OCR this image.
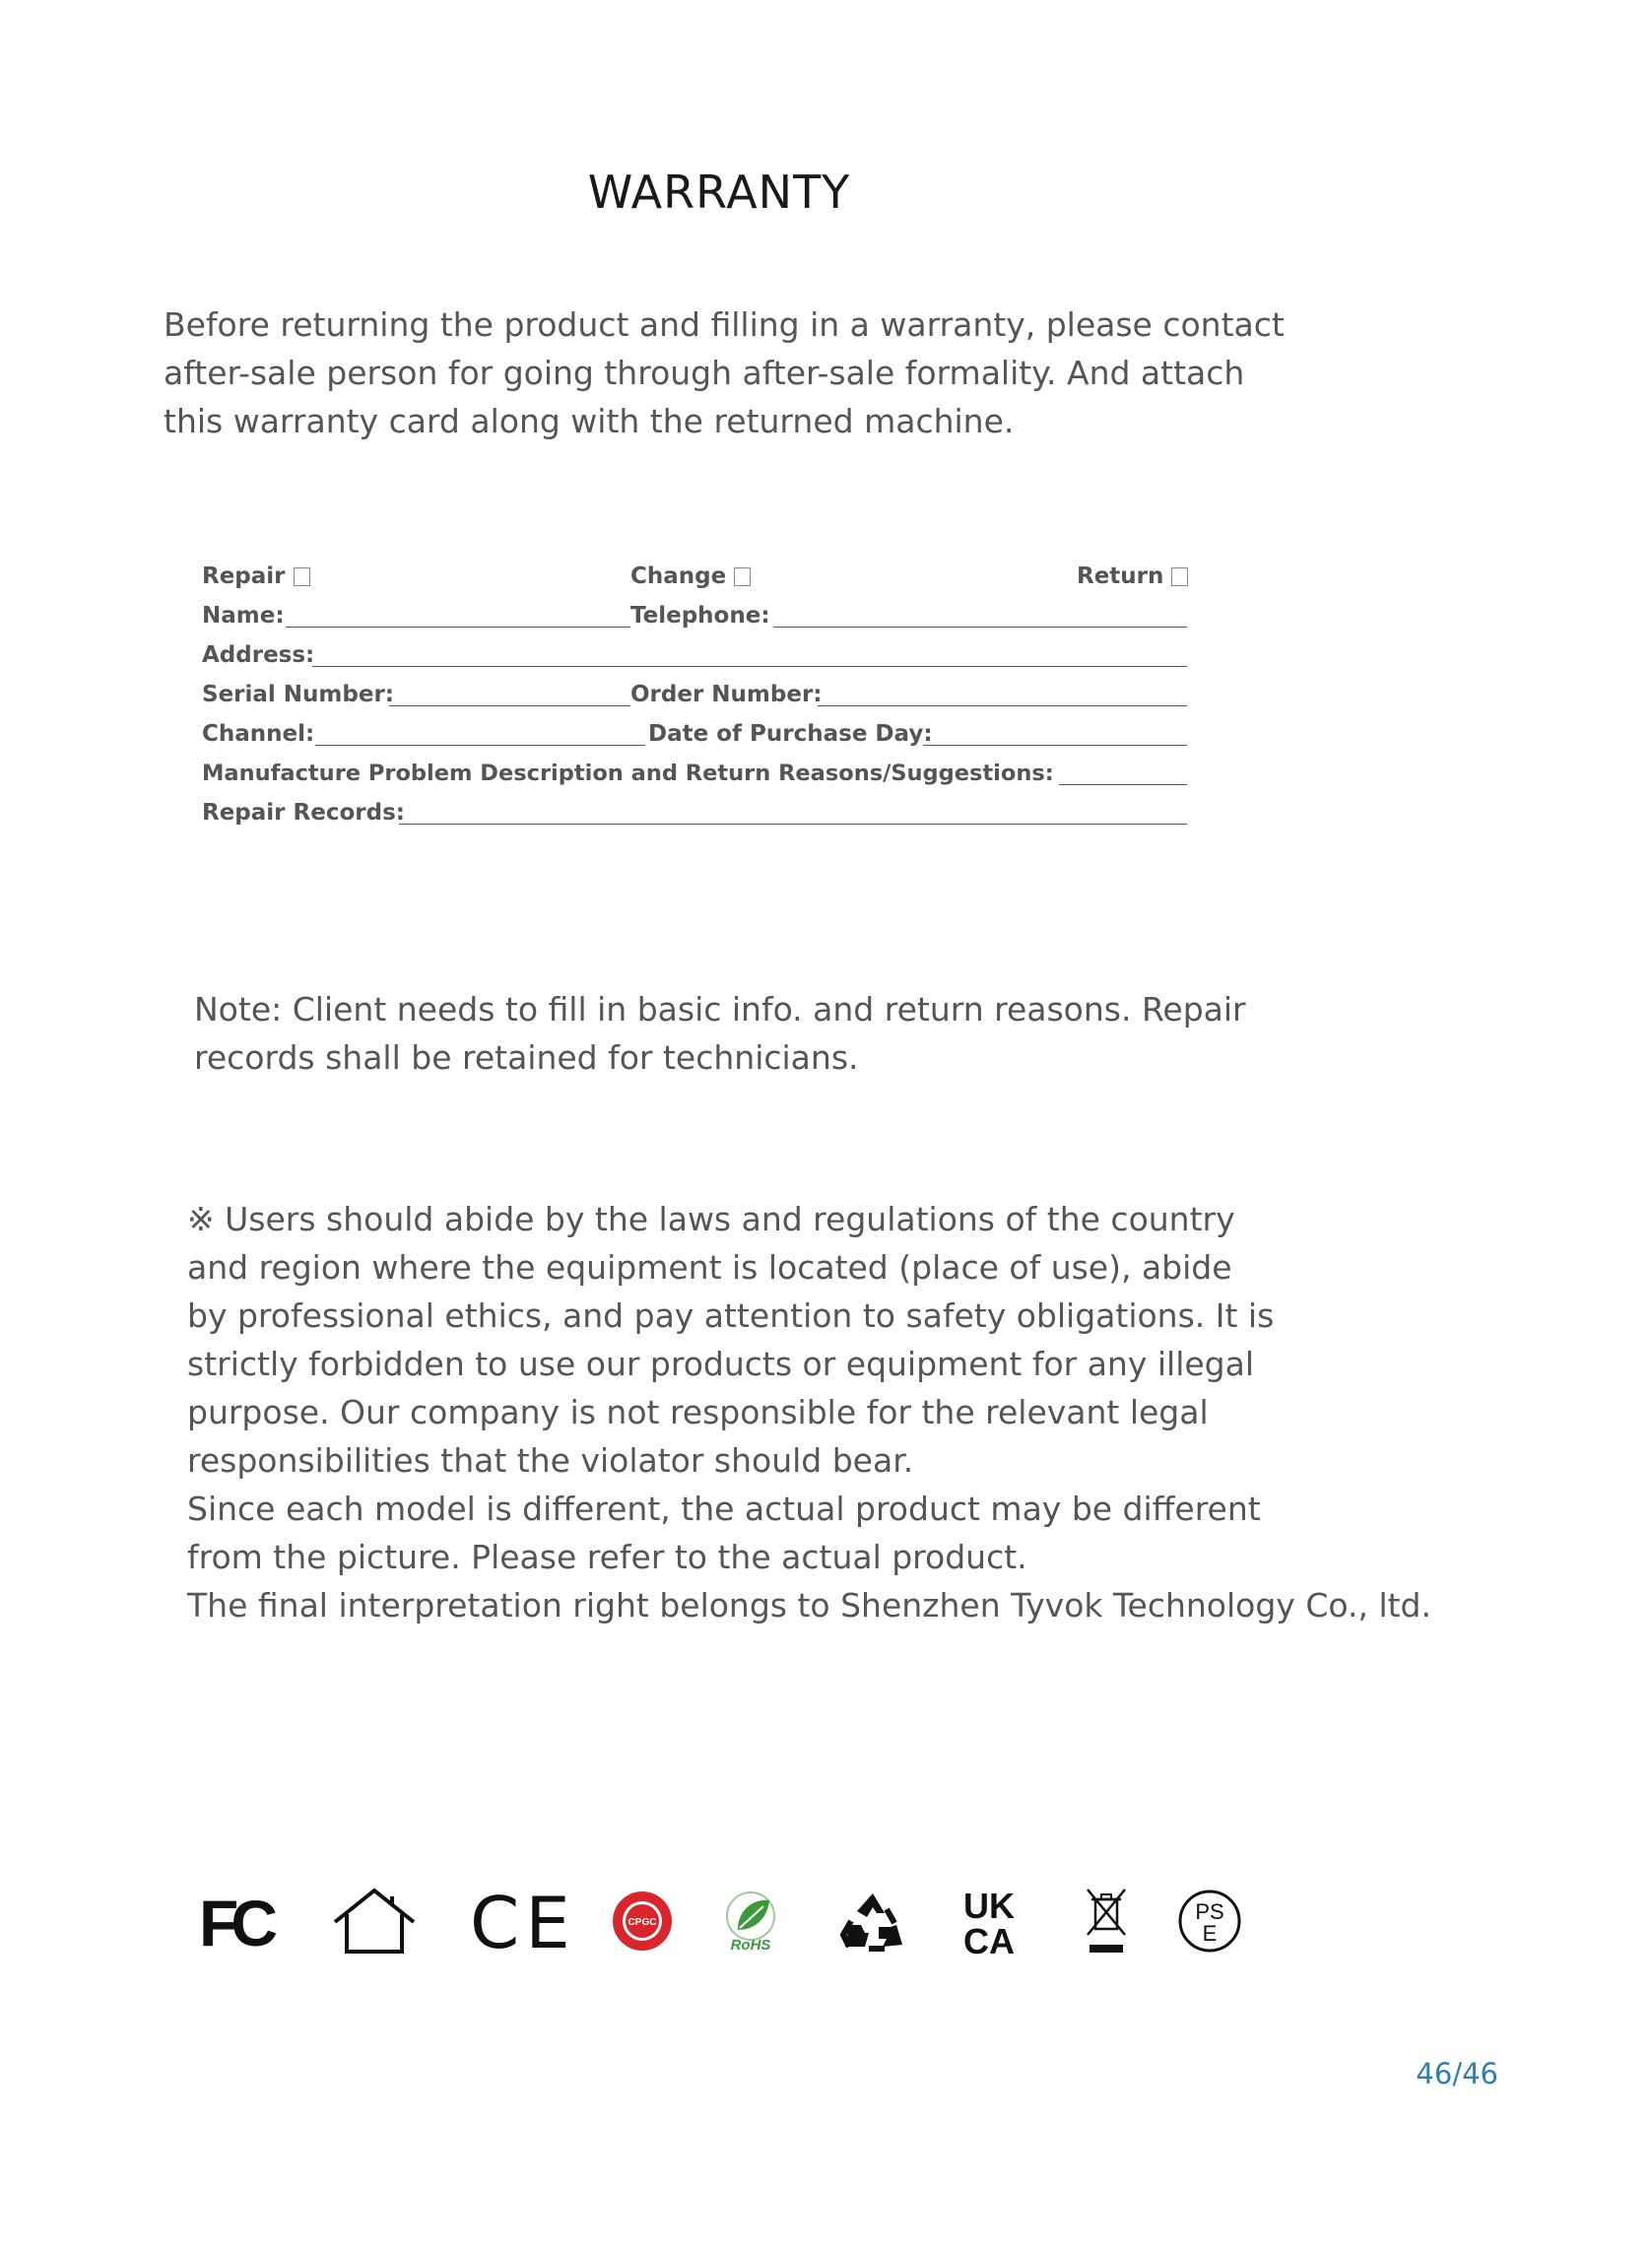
WARRANTY
Before returning the product and filling in a warranty, please contact
after-sale person for going through after-sale formality. And attach
this warranty card along with the returned machine.
Repair	Change	Return
Name:	Telephone:
Address:
Serial Number:	Order Number:
Channel:	Date of Purchase Day:
Manufacture Problem Description and Return Reasons/Suggestions:
Repair Records:
Note: Client needs to fill in basic info. and return reasons. Repair
records shall be retained for technicians.

※ Users should abide by the laws and regulations of the country

and region where the equipment is located (place of use), abide

by professional ethics, and pay attention to safety obligations. It is

strictly forbidden to use our products or equipment for any illegal

purpose. Our company is not responsible for the relevant legal

responsibilities that the violator should bear.

Since each model is different, the actual product may be different

from the picture. Please refer to the actual product.

The final interpretation right belongs to Shenzhen Tyvok Technology Co., ltd.

FC	CE	CPGC
RoHS
UK
CA
PS
E
46/46
